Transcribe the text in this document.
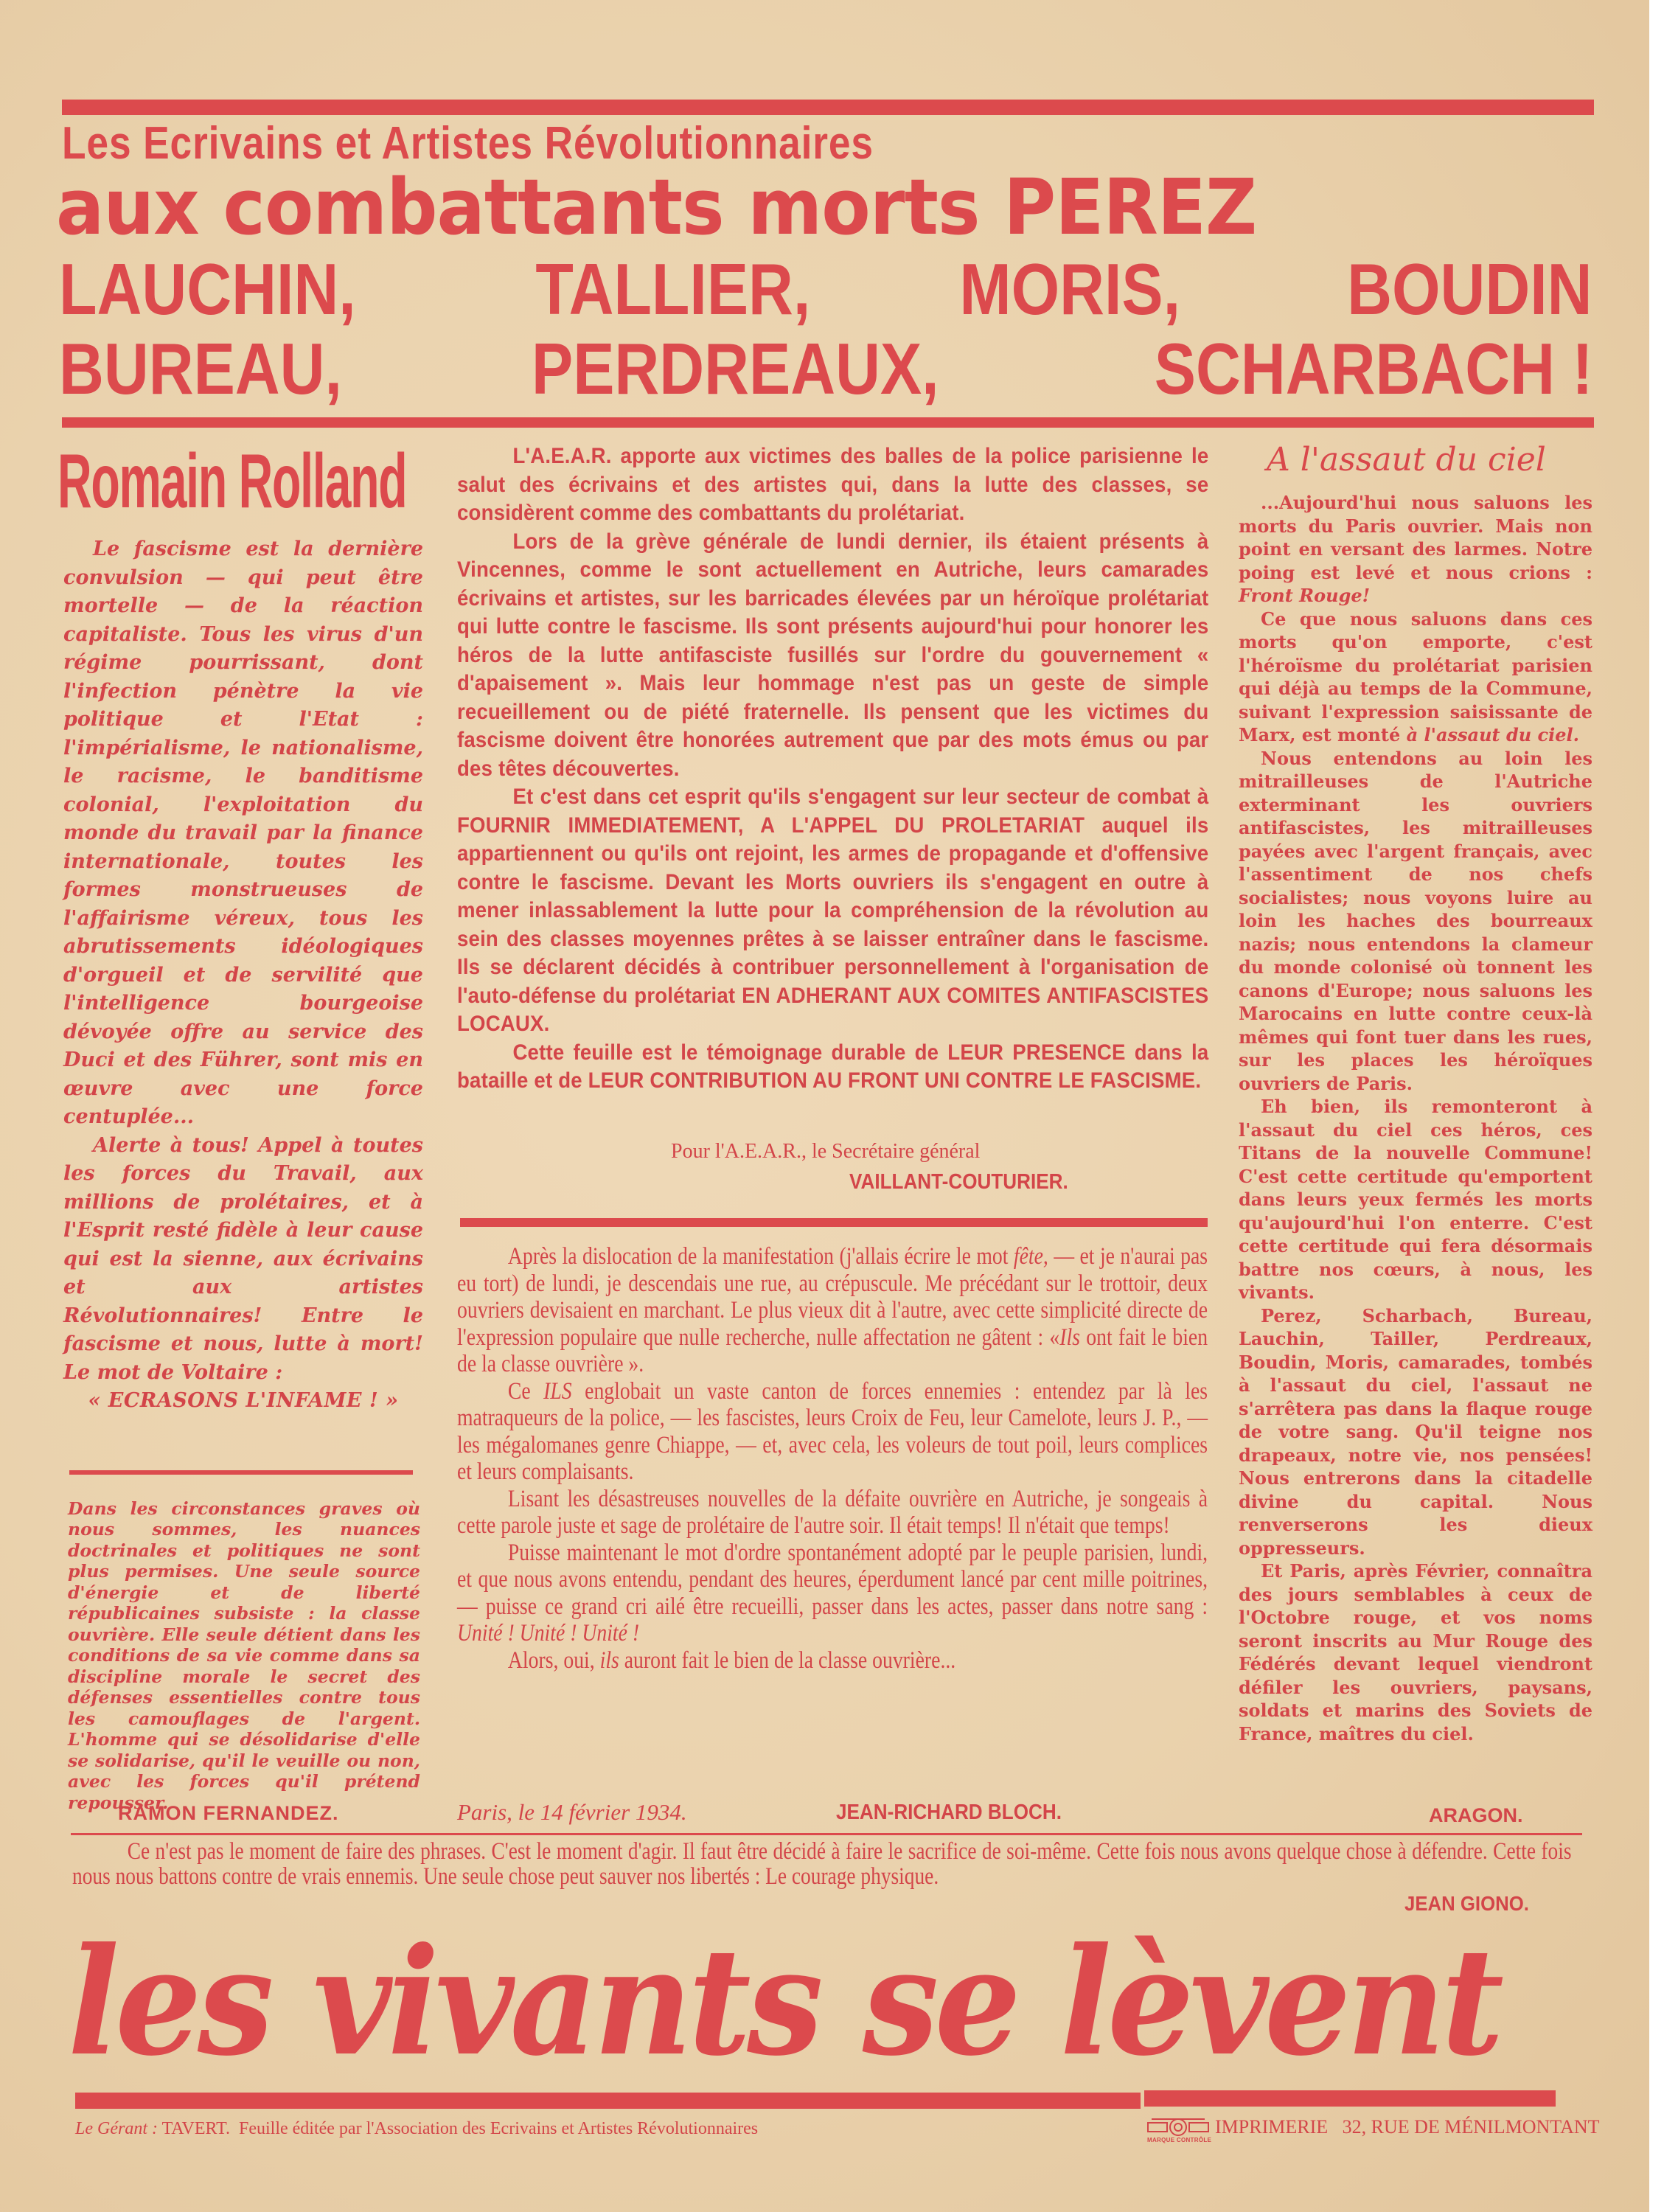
Les Ecrivains et Artistes Révolutionnaires
aux combattants morts PEREZ
LAUCHIN, TALLIER, MORIS, BOUDIN
BUREAU,	PERDREAUX,	SCHARBACH !
Romain Rolland

Le fascisme est la dernière convulsion — qui peut être mortelle — de la réaction capitaliste. Tous les virus d'un régime pourrissant, dont l'infection pénètre la vie politique et l'Etat : l'impérialisme, le nationalisme, le racisme, le banditisme colonial, l'exploitation du monde du travail par la finance internationale, toutes les formes monstrueuses de l'affairisme véreux, tous les abrutissements idéologiques d'orgueil et de servilité que l'intelligence bourgeoise dévoyée offre au service des Duci et des Führer, sont mis en œuvre avec une force centuplée...

Alerte à tous! Appel à toutes les forces du Travail, aux millions de prolétaires, et à l'Esprit resté fidèle à leur cause qui est la sienne, aux écrivains et aux artistes Révolutionnaires! Entre le fascisme et nous, lutte à mort! Le mot de Voltaire :

« ECRASONS L'INFAME ! »

Dans les circonstances graves où nous sommes, les nuances doctrinales et politiques ne sont plus permises. Une seule source d'énergie et de liberté républicaines subsiste : la classe ouvrière. Elle seule détient dans les conditions de sa vie comme dans sa discipline morale le secret des défenses essentielles contre tous les camouflages de l'argent. L'homme qui se désolidarise d'elle se solidarise, qu'il le veuille ou non, avec les forces qu'il prétend repousser.

RAMON FERNANDEZ.

L'A.E.A.R. apporte aux victimes des balles de la police parisienne le salut des écrivains et des artistes qui, dans la lutte des classes, se considèrent comme des combattants du prolétariat.

Lors de la grève générale de lundi dernier, ils étaient présents à Vincennes, comme le sont actuellement en Autriche, leurs camarades écrivains et artistes, sur les barricades élevées par un héroïque prolétariat qui lutte contre le fascisme. Ils sont présents aujourd'hui pour honorer les héros de la lutte antifasciste fusillés sur l'ordre du gouvernement « d'apaisement ». Mais leur hommage n'est pas un geste de simple recueillement ou de piété fraternelle. Ils pensent que les victimes du fascisme doivent être honorées autrement que par des mots émus ou par des têtes découvertes.

Et c'est dans cet esprit qu'ils s'engagent sur leur secteur de combat à FOURNIR IMMEDIATEMENT, A L'APPEL DU PROLETARIAT auquel ils appartiennent ou qu'ils ont rejoint, les armes de propagande et d'offensive contre le fascisme. Devant les Morts ouvriers ils s'engagent en outre à mener inlassablement la lutte pour la compréhension de la révolution au sein des classes moyennes prêtes à se laisser entraîner dans le fascisme. Ils se déclarent décidés à contribuer personnellement à l'organisation de l'auto-défense du prolétariat EN ADHERANT AUX COMITES ANTIFASCISTES LOCAUX.

Cette feuille est le témoignage durable de LEUR PRESENCE dans la bataille et de LEUR CONTRIBUTION AU FRONT UNI CONTRE LE FASCISME.

Pour l'A.E.A.R., le Secrétaire général
VAILLANT-COUTURIER.

Après la dislocation de la manifestation (j'allais écrire le mot fête, — et je n'aurai pas eu tort) de lundi, je descendais une rue, au crépuscule. Me précédant sur le trottoir, deux ouvriers devisaient en marchant. Le plus vieux dit à l'autre, avec cette simplicité directe de l'expression populaire que nulle recherche, nulle affectation ne gâtent : «Ils ont fait le bien de la classe ouvrière ».

Ce ILS englobait un vaste canton de forces ennemies : entendez par là les matraqueurs de la police, — les fascistes, leurs Croix de Feu, leur Camelote, leurs J. P., — les mégalomanes genre Chiappe, — et, avec cela, les voleurs de tout poil, leurs complices et leurs complaisants.

Lisant les désastreuses nouvelles de la défaite ouvrière en Autriche, je songeais à cette parole juste et sage de prolétaire de l'autre soir. Il était temps! Il n'était que temps!

Puisse maintenant le mot d'ordre spontanément adopté par le peuple parisien, lundi, et que nous avons entendu, pendant des heures, éperdument lancé par cent mille poitrines, — puisse ce grand cri ailé être recueilli, passer dans les actes, passer dans notre sang : Unité ! Unité ! Unité !

Alors, oui, ils auront fait le bien de la classe ouvrière...

Paris, le 14 février 1934.	JEAN-RICHARD BLOCH.
A l'assaut du ciel

...Aujourd'hui nous saluons les morts du Paris ouvrier. Mais non point en versant des larmes. Notre poing est levé et nous crions : Front Rouge!

Ce que nous saluons dans ces morts qu'on emporte, c'est l'héroïsme du prolétariat parisien qui déjà au temps de la Commune, suivant l'expression saisissante de Marx, est monté à l'assaut du ciel.

Nous entendons au loin les mitrailleuses de l'Autriche exterminant les ouvriers antifascistes, les mitrailleuses payées avec l'argent français, avec l'assentiment de nos chefs socialistes; nous voyons luire au loin les haches des bourreaux nazis; nous entendons la clameur du monde colonisé où tonnent les canons d'Europe; nous saluons les Marocains en lutte contre ceux-là mêmes qui font tuer dans les rues, sur les places les héroïques ouvriers de Paris.

Eh bien, ils remonteront à l'assaut du ciel ces héros, ces Titans de la nouvelle Commune! C'est cette certitude qu'emportent dans leurs yeux fermés les morts qu'aujourd'hui l'on enterre. C'est cette certitude qui fera désormais battre nos cœurs, à nous, les vivants.

Perez, Scharbach, Bureau, Lauchin, Tailler, Perdreaux, Boudin, Moris, camarades, tombés à l'assaut du ciel, l'assaut ne s'arrêtera pas dans la flaque rouge de votre sang. Qu'il teigne nos drapeaux, notre vie, nos pensées! Nous entrerons dans la citadelle divine du capital. Nous renverserons les dieux oppresseurs.

Et Paris, après Février, connaîtra des jours semblables à ceux de l'Octobre rouge, et vos noms seront inscrits au Mur Rouge des Fédérés devant lequel viendront défiler les ouvriers, paysans, soldats et marins des Soviets de France, maîtres du ciel.

ARAGON.
Ce n'est pas le moment de faire des phrases. C'est le moment d'agir. Il faut être décidé à faire le sacrifice de soi-même. Cette fois nous avons quelque chose à défendre. Cette fois nous nous battons contre de vrais ennemis. Une seule chose peut sauver nos libertés : Le courage physique.
JEAN GIONO.
les vivants se lèvent
Le Gérant : TAVERT. Feuille éditée par l'Association des Ecrivains et Artistes Révolutionnaires
MARQUE CONTRÔLE
IMPRIMERIE 32, RUE DE MÉNILMONTANT
